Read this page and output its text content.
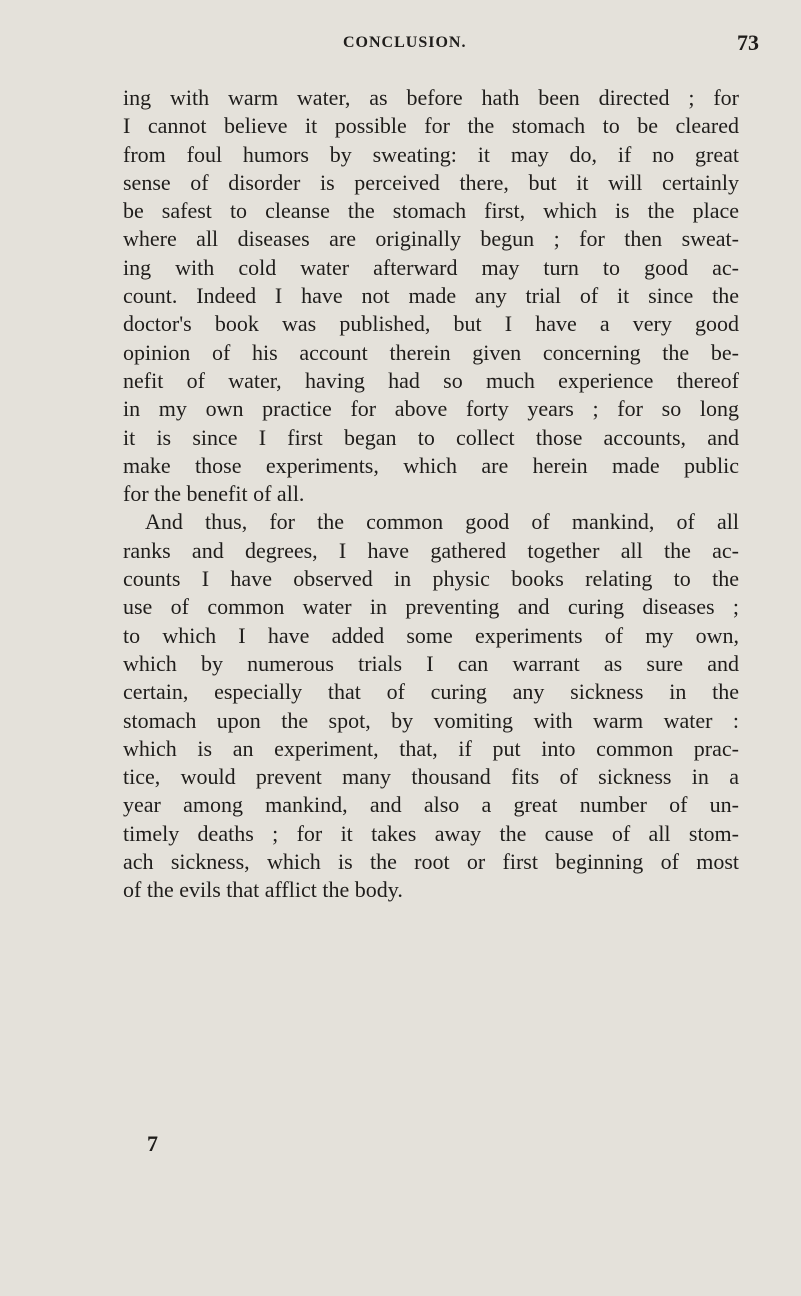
CONCLUSION.	73
ing with warm water, as before hath been directed ; for
I cannot believe it possible for the stomach to be cleared
from foul humors by sweating: it may do, if no great
sense of disorder is perceived there, but it will certainly
be safest to cleanse the stomach first, which is the place
where all diseases are originally begun ; for then sweat-
ing with cold water afterward may turn to good ac-
count. Indeed I have not made any trial of it since the
doctor's book was published, but I have a very good
opinion of his account therein given concerning the be-
nefit of water, having had so much experience thereof
in my own practice for above forty years ; for so long
it is since I first began to collect those accounts, and
make those experiments, which are herein made public
for the benefit of all.
And thus, for the common good of mankind, of all
ranks and degrees, I have gathered together all the ac-
counts I have observed in physic books relating to the
use of common water in preventing and curing diseases ;
to which I have added some experiments of my own,
which by numerous trials I can warrant as sure and
certain, especially that of curing any sickness in the
stomach upon the spot, by vomiting with warm water :
which is an experiment, that, if put into common prac-
tice, would prevent many thousand fits of sickness in a
year among mankind, and also a great number of un-
timely deaths ; for it takes away the cause of all stom-
ach sickness, which is the root or first beginning of most
of the evils that afflict the body.
7
